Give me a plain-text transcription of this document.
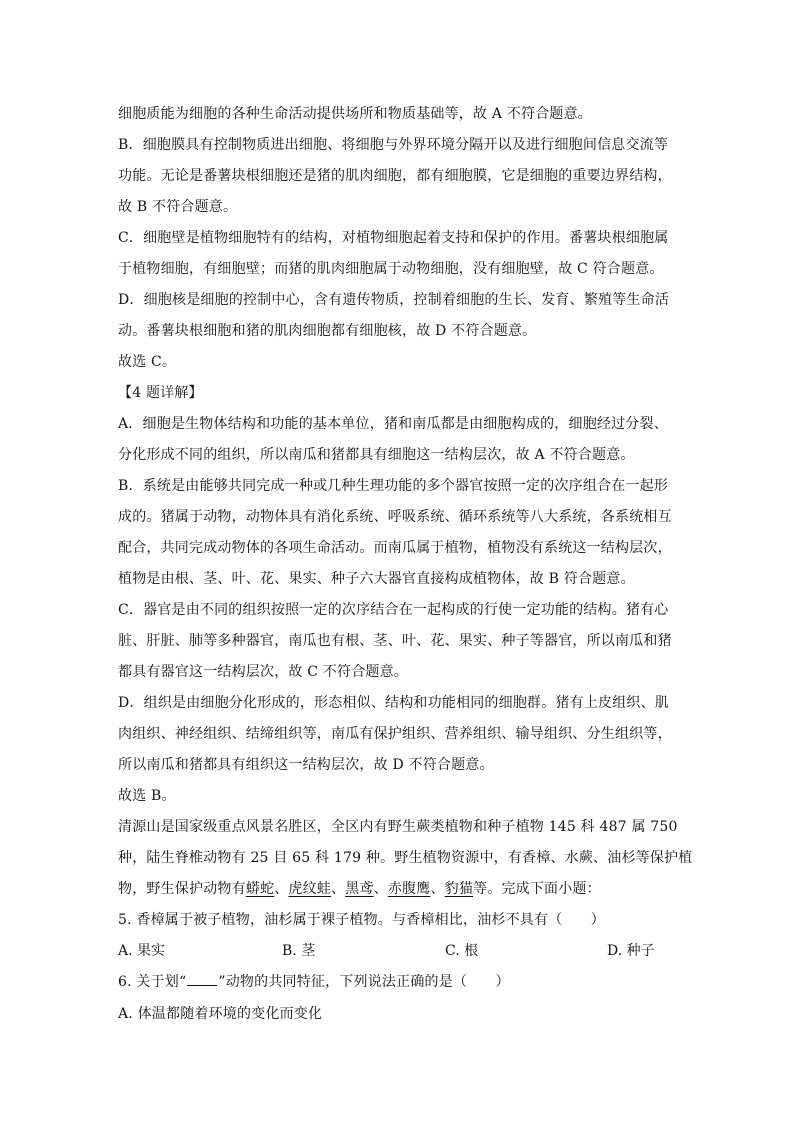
细胞质能为细胞的各种生命活动提供场所和物质基础等，故 A 不符合题意。
B．细胞膜具有控制物质进出细胞、将细胞与外界环境分隔开以及进行细胞间信息交流等
功能。无论是番薯块根细胞还是猪的肌肉细胞，都有细胞膜，它是细胞的重要边界结构，
故 B 不符合题意。
C．细胞壁是植物细胞特有的结构，对植物细胞起着支持和保护的作用。番薯块根细胞属
于植物细胞，有细胞壁；而猪的肌肉细胞属于动物细胞，没有细胞壁，故 C 符合题意。
D．细胞核是细胞的控制中心，含有遗传物质，控制着细胞的生长、发育、繁殖等生命活
动。番薯块根细胞和猪的肌肉细胞都有细胞核，故 D 不符合题意。
故选 C。
【4 题详解】
A．细胞是生物体结构和功能的基本单位，猪和南瓜都是由细胞构成的，细胞经过分裂、
分化形成不同的组织，所以南瓜和猪都具有细胞这一结构层次，故 A 不符合题意。
B．系统是由能够共同完成一种或几种生理功能的多个器官按照一定的次序组合在一起形
成的。猪属于动物，动物体具有消化系统、呼吸系统、循环系统等八大系统，各系统相互
配合，共同完成动物体的各项生命活动。而南瓜属于植物，植物没有系统这一结构层次，
植物是由根、茎、叶、花、果实、种子六大器官直接构成植物体，故 B 符合题意。
C．器官是由不同的组织按照一定的次序结合在一起构成的行使一定功能的结构。猪有心
脏、肝脏、肺等多种器官，南瓜也有根、茎、叶、花、果实、种子等器官，所以南瓜和猪
都具有器官这一结构层次，故 C 不符合题意。
D．组织是由细胞分化形成的，形态相似、结构和功能相同的细胞群。猪有上皮组织、肌
肉组织、神经组织、结缔组织等，南瓜有保护组织、营养组织、输导组织、分生组织等，
所以南瓜和猪都具有组织这一结构层次，故 D 不符合题意。
故选 B。
清源山是国家级重点风景名胜区，全区内有野生蕨类植物和种子植物 145 科 487 属 750
种，陆生脊椎动物有 25 目 65 科 179 种。野生植物资源中，有香樟、水蕨、油杉等保护植
物，野生保护动物有蟒蛇、虎纹蛙、黑鸢、赤腹鹰、豹猫等。完成下面小题：
5. 香樟属于被子植物，油杉属于裸子植物。与香樟相比，油杉不具有（　　）
A. 果实	B. 茎	C. 根	D. 种子
6. 关于划“ ”动物的共同特征，下列说法正确的是（　　）
A. 体温都随着环境的变化而变化
